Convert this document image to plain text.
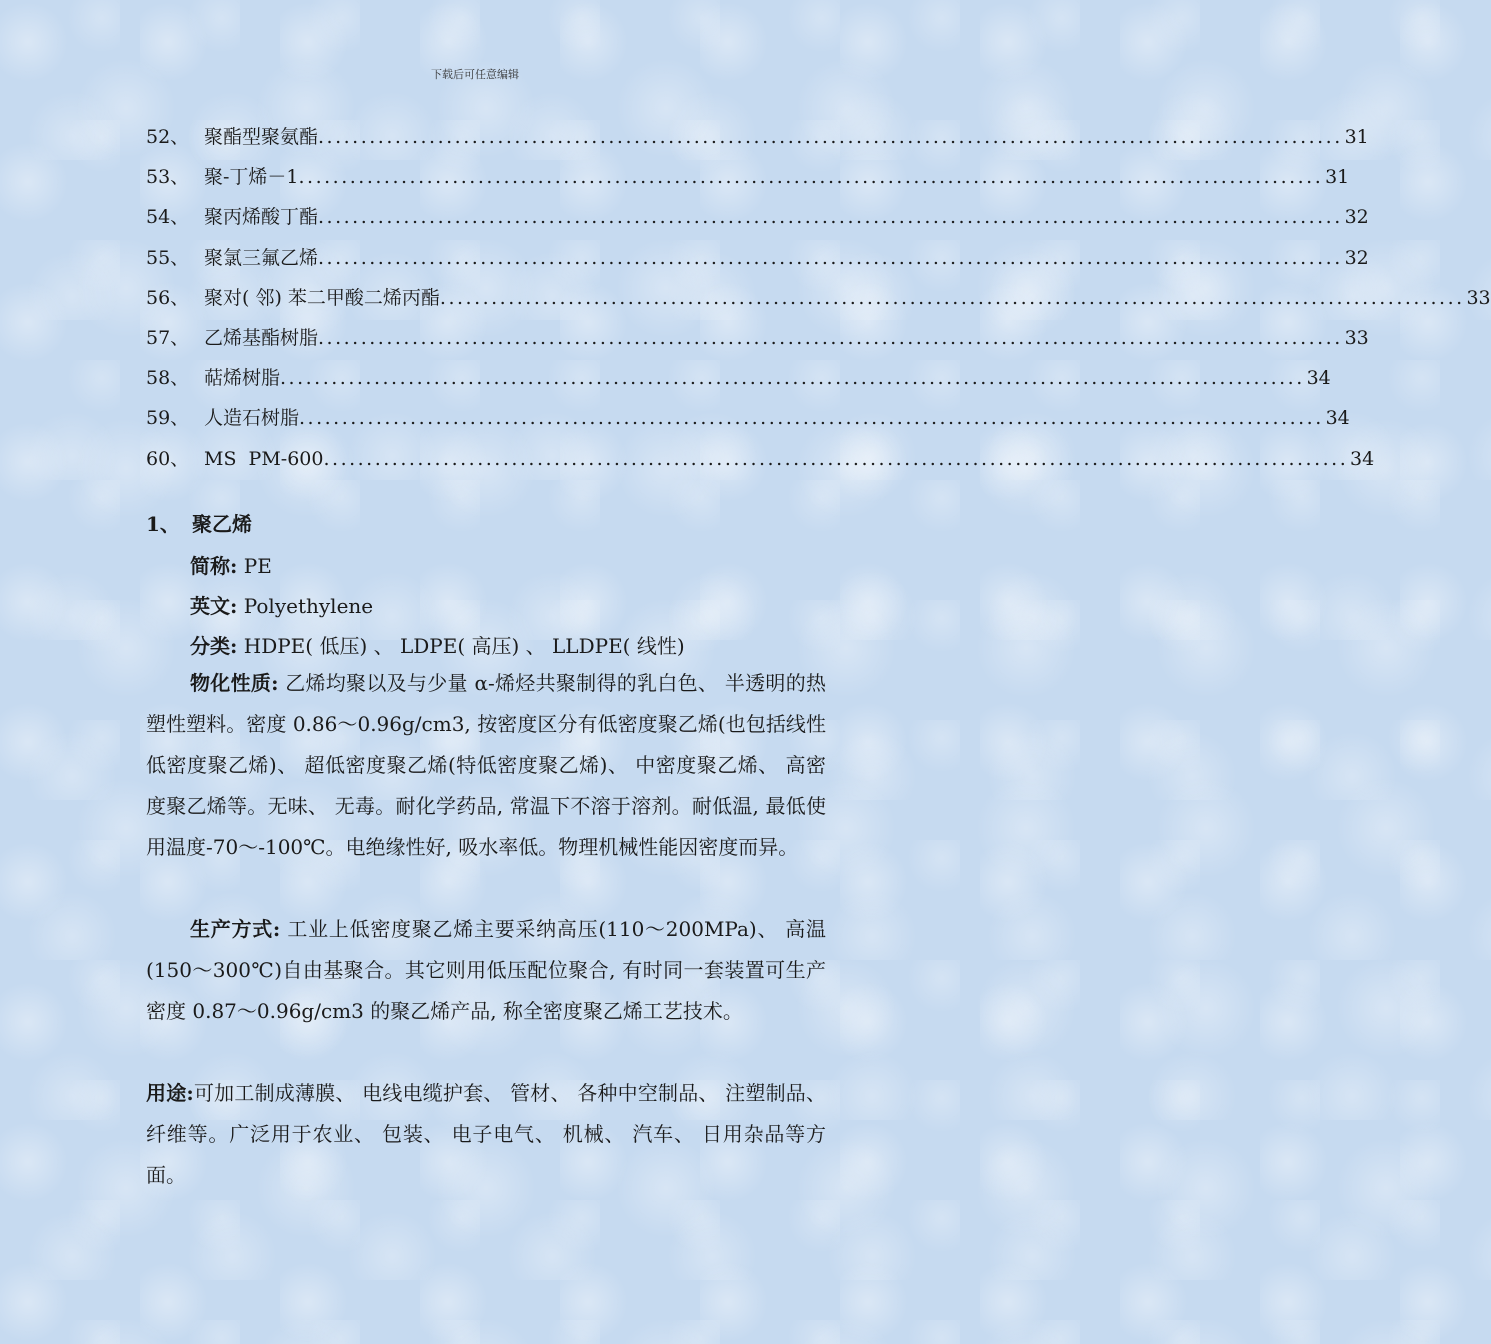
下载后可任意编辑
52、 聚酯型聚氨酯 ........................................................................................................................ 31
53、 聚-丁烯－1 ........................................................................................................................ 31
54、 聚丙烯酸丁酯 ........................................................................................................................ 32
55、 聚氯三氟乙烯 ........................................................................................................................ 32
56、 聚对( 邻) 苯二甲酸二烯丙酯 ........................................................................................................................ 33
57、 乙烯基酯树脂 ........................................................................................................................ 33
58、 萜烯树脂 ........................................................................................................................ 34
59、 人造石树脂 ........................................................................................................................ 34
60、 MS  PM-600 ........................................................................................................................ 34
1、 聚乙烯
简称: PE
英文: Polyethylene
分类: HDPE( 低压) 、 LDPE( 高压) 、 LLDPE( 线性)
物化性质: 乙烯均聚以及与少量 α-烯烃共聚制得的乳白色、 半透明的热塑性塑料。密度 0.86～0.96g/cm3, 按密度区分有低密度聚乙烯(也包括线性低密度聚乙烯)、 超低密度聚乙烯(特低密度聚乙烯)、 中密度聚乙烯、 高密度聚乙烯等。无味、 无毒。耐化学药品, 常温下不溶于溶剂。耐低温, 最低使用温度-70～-100℃。电绝缘性好, 吸水率低。物理机械性能因密度而异。
生产方式: 工业上低密度聚乙烯主要采纳高压(110～200MPa)、 高温(150～300℃)自由基聚合。其它则用低压配位聚合, 有时同一套装置可生产密度 0.87～0.96g/cm3 的聚乙烯产品, 称全密度聚乙烯工艺技术。
用途:可加工制成薄膜、 电线电缆护套、 管材、 各种中空制品、 注塑制品、 纤维等。广泛用于农业、 包装、 电子电气、 机械、 汽车、 日用杂品等方面。
